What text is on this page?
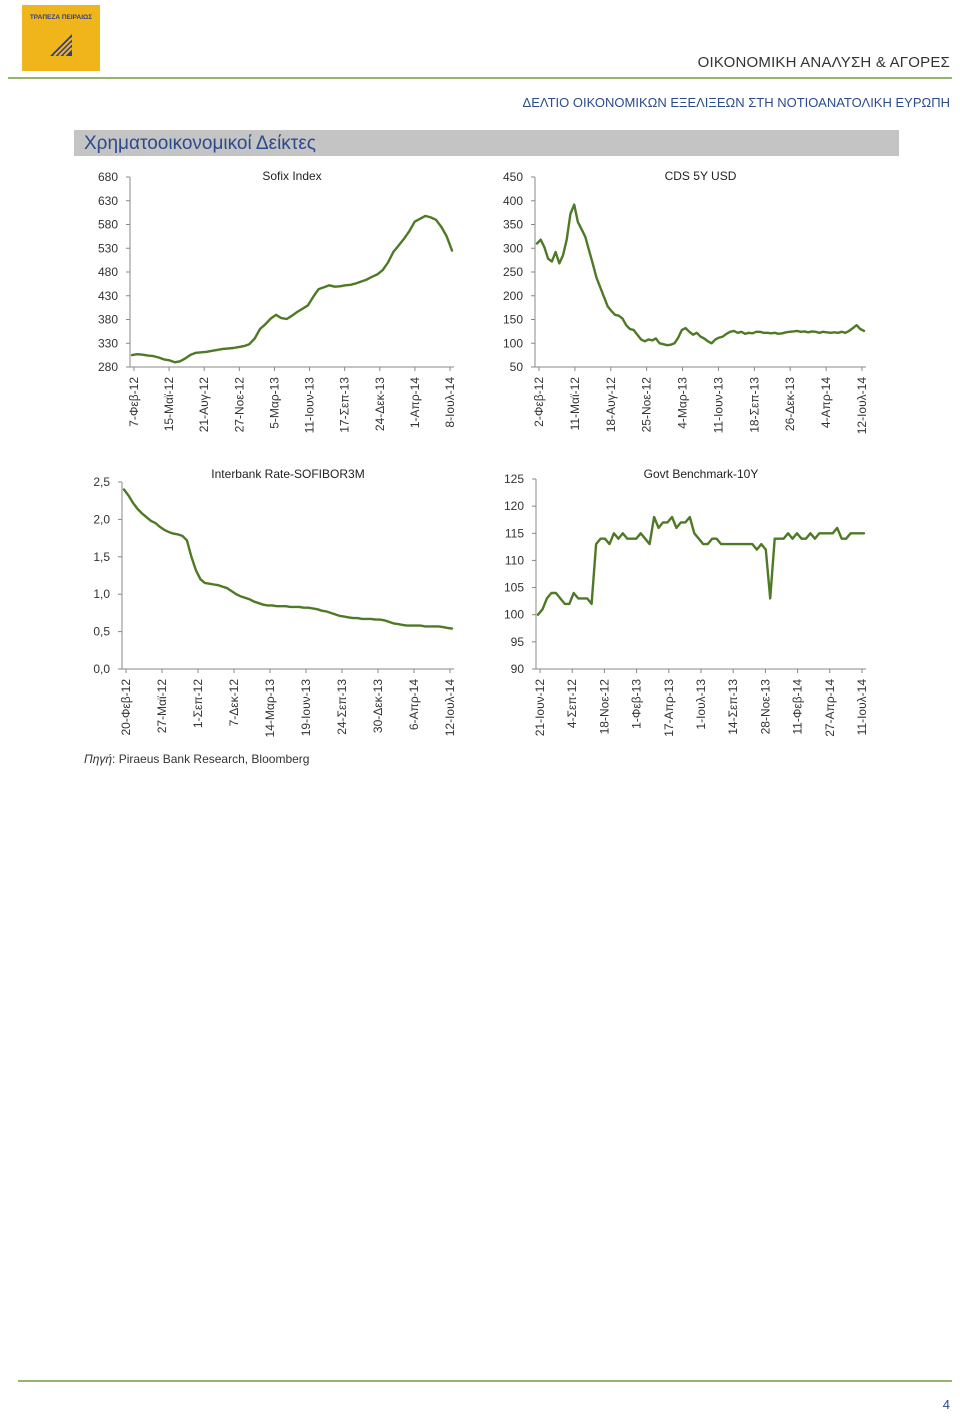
ΤΡΑΠΕΖΑ ΠΕΙΡΑΙΩΣ
ΟΙΚΟΝΟΜΙΚΗ ΑΝΑΛΥΣΗ & ΑΓΟΡΕΣ
ΔΕΛΤΙΟ ΟΙΚΟΝΟΜΙΚΩΝ ΕΞΕΛΙΞΕΩΝ ΣΤΗ ΝΟΤΙΟΑΝΑΤΟΛΙΚΗ ΕΥΡΩΠΗ
Χρηματοοικονομικοί Δείκτες
680
630
580
530
480
430
380
330
280
7-Φεβ-12 15-Μαϊ-12 21-Αυγ-12 27-Νοε-12 5-Μαρ-13 11-Ιουν-13 17-Σεπ-13 24-Δεκ-13 1-Απρ-14 8-Ιουλ-14
Sofix Index	450
400
350
300
250
200
150
100
50
2-Φεβ-12 11-Μαϊ-12 18-Αυγ-12 25-Νοε-12 4-Μαρ-13 11-Ιουν-13 18-Σεπ-13 26-Δεκ-13 4-Απρ-14 12-Ιουλ-14
CDS 5Y USD
2,5
2,0
1,5
1,0
0,5
0,0
20-Φεβ-12 27-Μαϊ-12 1-Σεπ-12 7-Δεκ-12 14-Μαρ-13 19-Ιουν-13 24-Σεπ-13 30-Δεκ-13 6-Απρ-14 12-Ιουλ-14
Interbank Rate-SOFIBOR3M	125
120
115
110
105
100
95
90
21-Ιουν-12 4-Σεπ-12 18-Νοε-12 1-Φεβ-13 17-Απρ-13 1-Ιουλ-13 14-Σεπ-13 28-Νοε-13 11-Φεβ-14 27-Απρ-14 11-Ιουλ-14
Govt Benchmark-10Y
Πηγή: Piraeus Bank Research, Bloomberg
4
